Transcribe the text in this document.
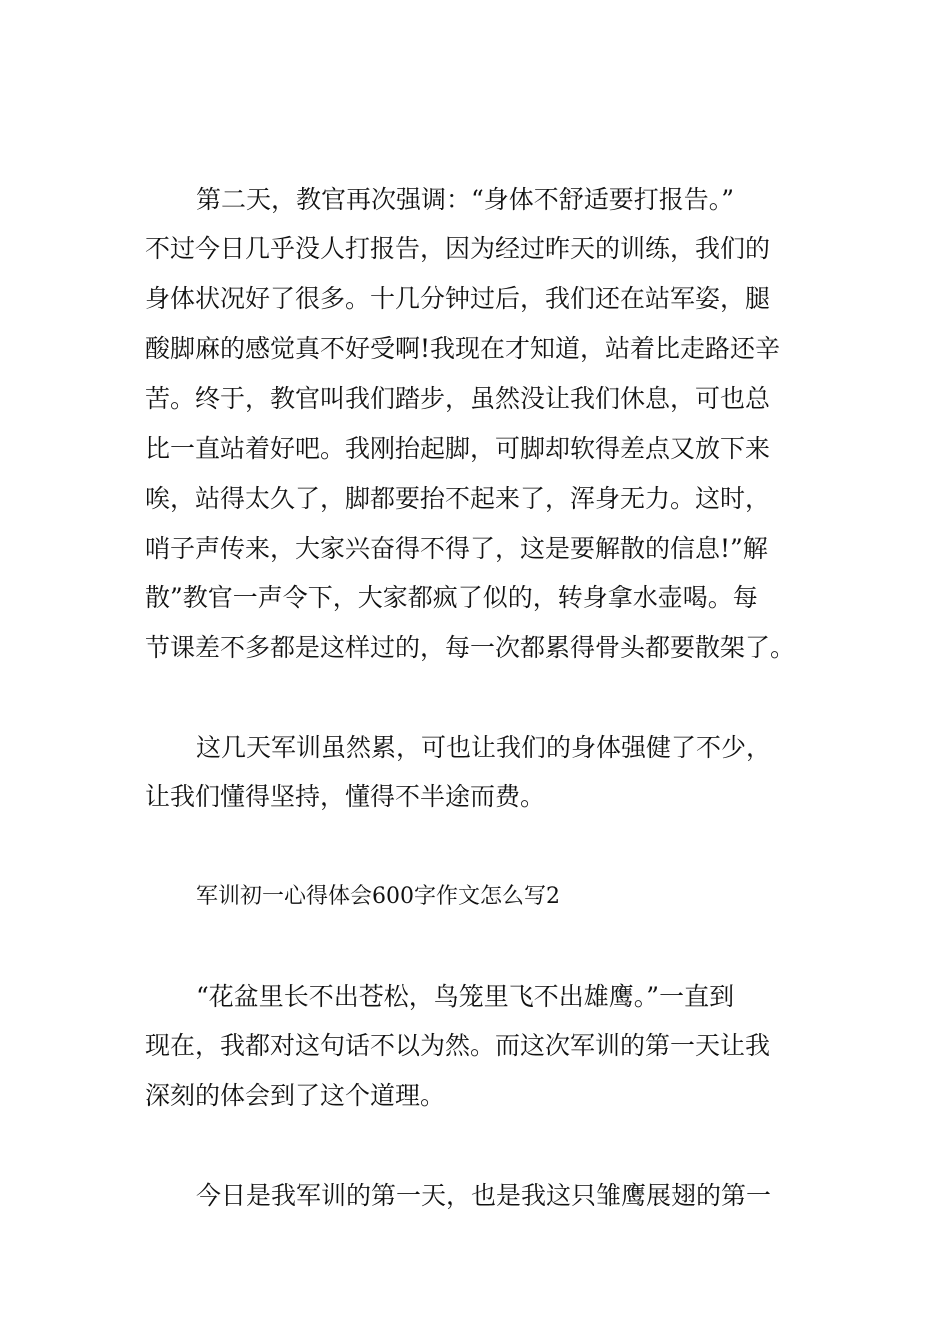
第二天，教官再次强调：“身体不舒适要打报告。”
不过今日几乎没人打报告，因为经过昨天的训练，我们的
身体状况好了很多。十几分钟过后，我们还在站军姿，腿
酸脚麻的感觉真不好受啊!我现在才知道，站着比走路还辛
苦。终于，教官叫我们踏步，虽然没让我们休息，可也总
比一直站着好吧。我刚抬起脚，可脚却软得差点又放下来
唉，站得太久了，脚都要抬不起来了，浑身无力。这时，
哨子声传来，大家兴奋得不得了，这是要解散的信息!”解
散”教官一声令下，大家都疯了似的，转身拿水壶喝。每
节课差不多都是这样过的，每一次都累得骨头都要散架了。
这几天军训虽然累，可也让我们的身体强健了不少，
让我们懂得坚持，懂得不半途而费。
军训初一心得体会600字作文怎么写2
“花盆里长不出苍松，鸟笼里飞不出雄鹰。”一直到
现在，我都对这句话不以为然。而这次军训的第一天让我
深刻的体会到了这个道理。
今日是我军训的第一天，也是我这只雏鹰展翅的第一
